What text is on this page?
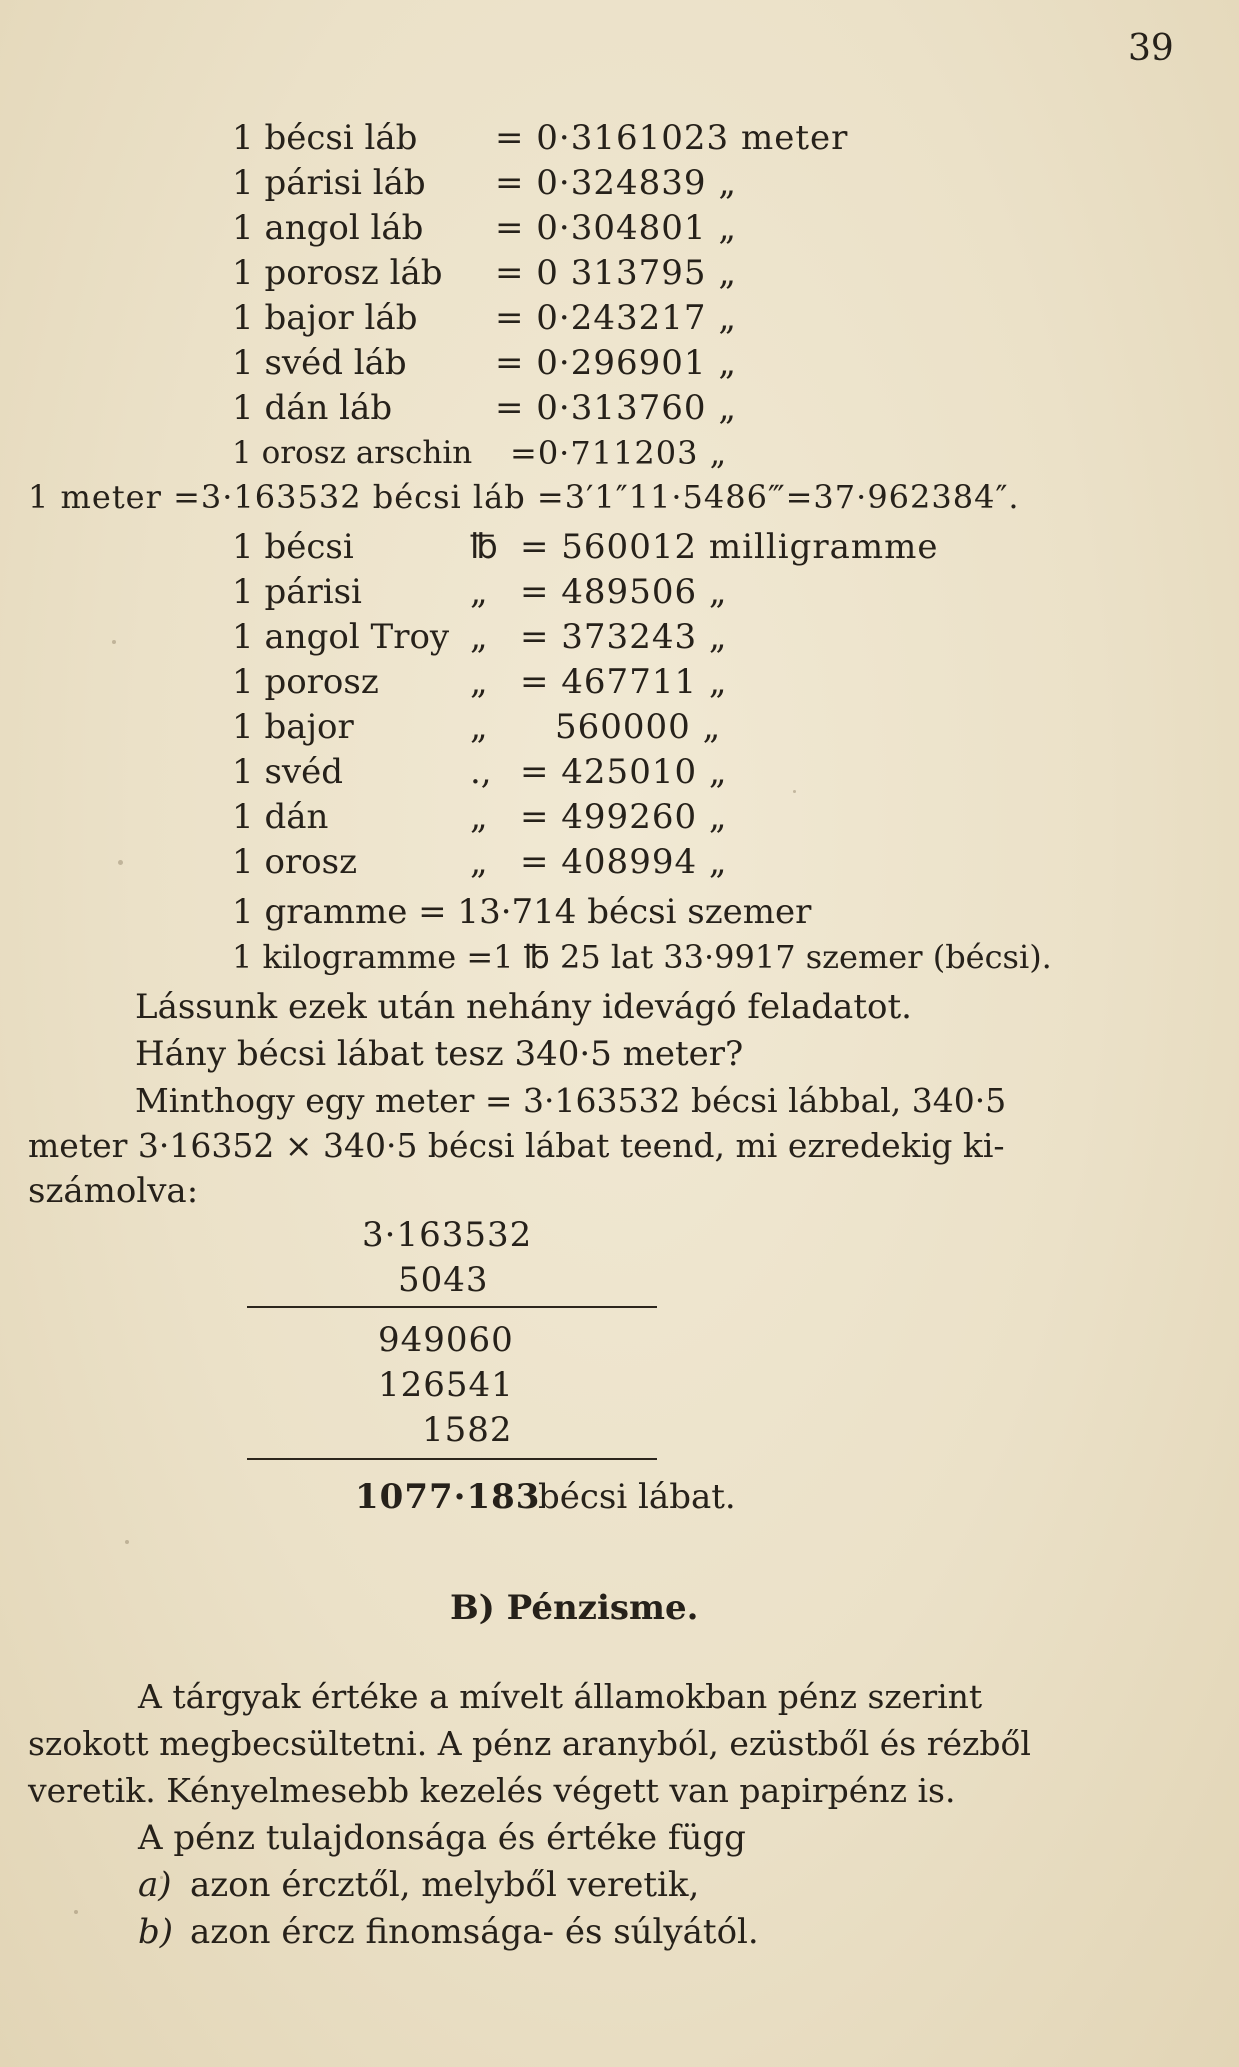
39
1 bécsi láb = 0·3161023 meter
1 párisi láb = 0·324839 „
1 angol láb = 0·304801 „
1 porosz láb = 0 313795 „
1 bajor láb = 0·243217 „
1 svéd láb	= 0·296901 „
1 dán láb	= 0·313760 „
1 orosz arschin =0·711203 „
1 meter =3·163532 bécsi láb =3′1″11·5486‴=37·962384″.
1 bécsi	℔ = 560012 milligramme
1 párisi	„ = 489506 „
1 angol Troy „ = 373243 „
1 porosz	„ = 467711 „
1 bajor	„ 560000 „
1 svéd	., = 425010 „
1 dán	„ = 499260 „
1 orosz	„ = 408994 „
1 gramme = 13·714 bécsi szemer
1 kilogramme =1 ℔ 25 lat 33·9917 szemer (bécsi).
Lássunk ezek után nehány idevágó feladatot.
Hány bécsi lábat tesz 340·5 meter?
Minthogy egy meter = 3·163532 bécsi lábbal, 340·5
meter 3·16352 × 340·5 bécsi lábat teend, mi ezredekig ki-
számolva:
3·163532
5043
949060
126541
1582
1077·183
bécsi lábat.
B) Pénzisme.
A tárgyak értéke a mívelt államokban pénz szerint
szokott megbecsültetni. A pénz aranyból, ezüstből és rézből
veretik. Kényelmesebb kezelés végett van papirpénz is.
A pénz tulajdonsága és értéke függ
a) azon ércztől, melyből veretik,
b) azon ércz finomsága- és súlyától.
